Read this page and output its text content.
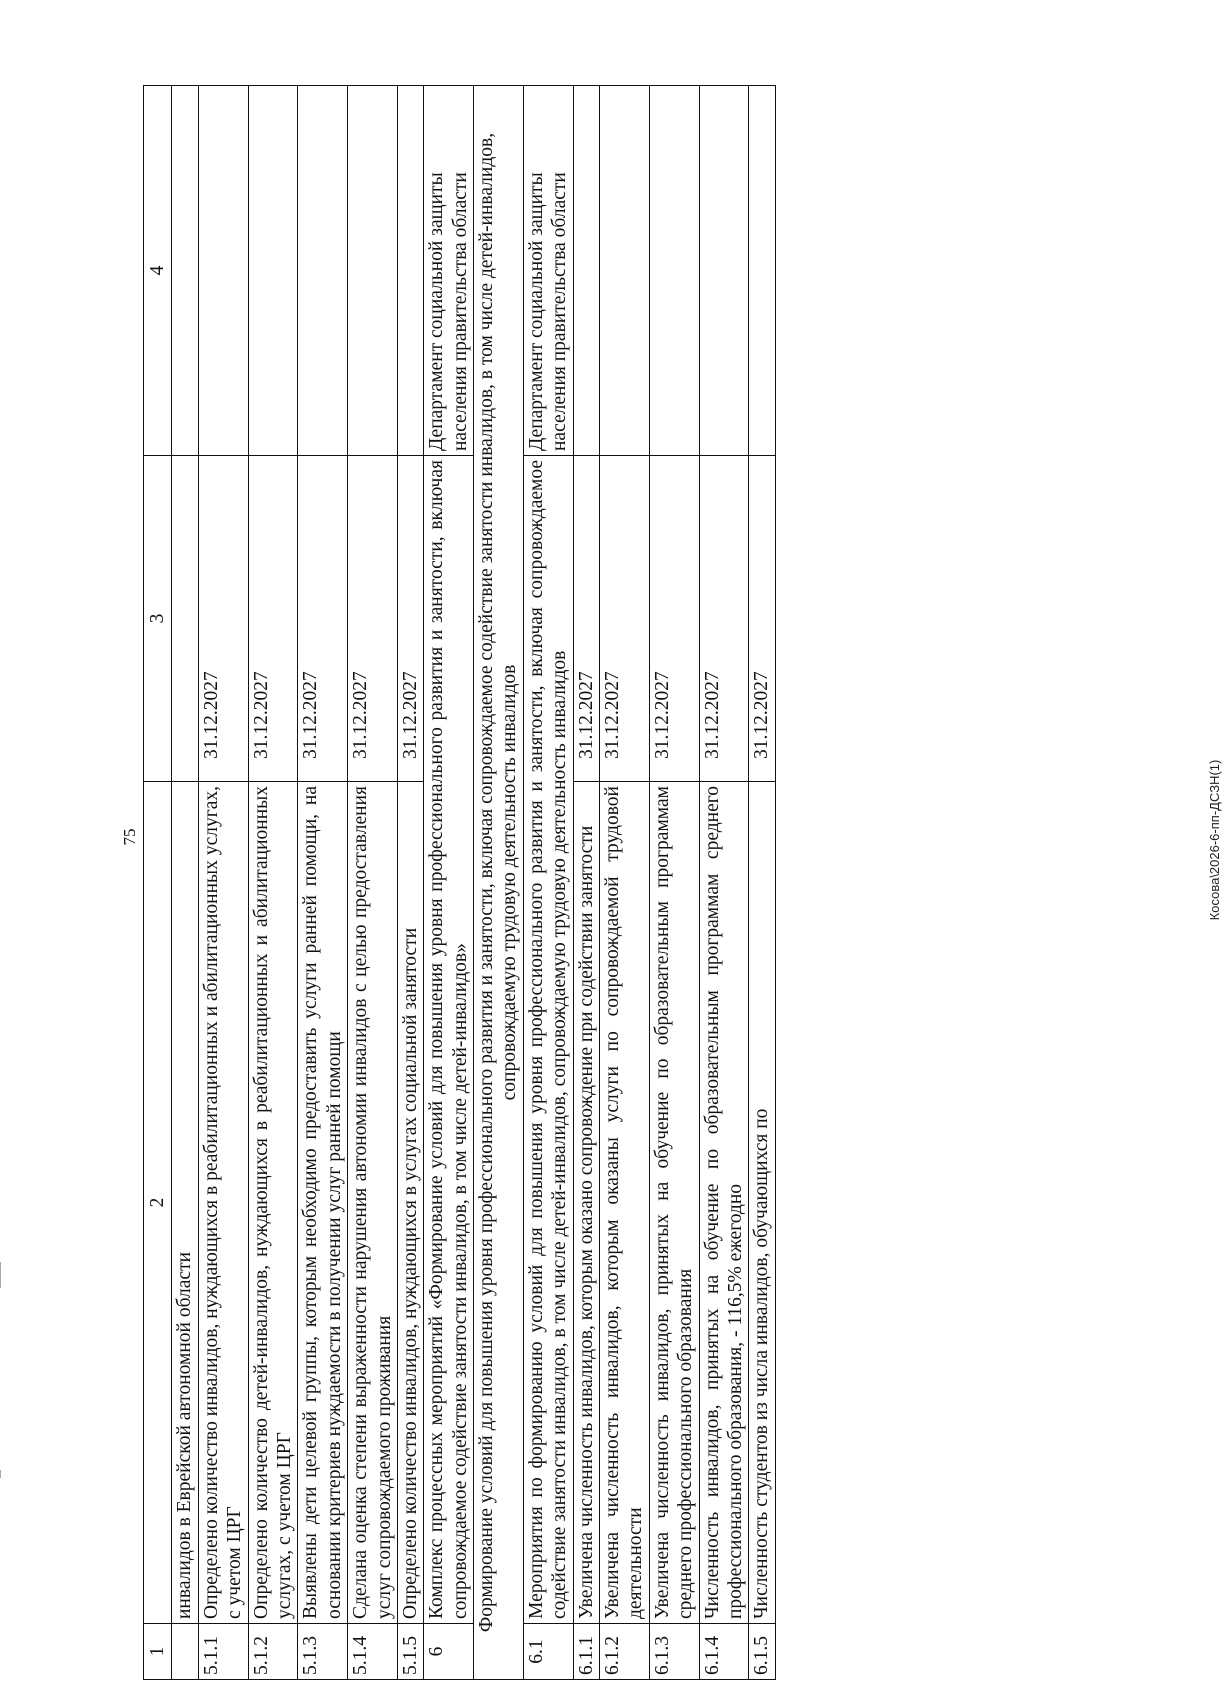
75	Косова\2026-6-пп-ДСЗН(1)
1	2	3	4
	инвалидов в Еврейской автономной области		
5.1.1	Определено количество инвалидов, нуждающихся в реабилитационных и абилитационных услугах, с учетом ЦРГ	31.12.2027	
5.1.2	Определено количество детей-инвалидов, нуждающихся в реабилитационных и абилитационных услугах, с учетом ЦРГ	31.12.2027	
5.1.3	Выявлены дети целевой группы, которым необходимо предоставить услуги ранней помощи, на основании критериев нуждаемости в получении услуг ранней помощи	31.12.2027	
5.1.4	Сделана оценка степени выраженности нарушения автономии инвалидов с целью предоставления услуг сопровождаемого проживания	31.12.2027	
5.1.5	Определено количество инвалидов, нуждающихся в услугах социальной занятости	31.12.2027	
6	Комплекс процессных мероприятий «Формирование условий для повышения уровня профессионального развития и занятости, включая сопровождаемое содействие занятости инвалидов, в том числе детей-инвалидов»		Департамент социальной защиты населения правительства области
Формирование условий для повышения уровня профессионального развития и занятости, включая сопровождаемое содействие занятости инвалидов, в том числе детей-инвалидов, сопровождаемую трудовую деятельность инвалидов			
6.1	Мероприятия по формированию условий для повышения уровня профессионального развития и занятости, включая сопровождаемое содействие занятости инвалидов, в том числе детей-инвалидов, сопровождаемую трудовую деятельность инвалидов		Департамент социальной защиты населения правительства области
6.1.1	Увеличена численность инвалидов, которым оказано сопровождение при содействии занятости	31.12.2027	
6.1.2	Увеличена численность инвалидов, которым оказаны услуги по сопровождаемой трудовой деятельности	31.12.2027	
6.1.3	Увеличена численность инвалидов, принятых на обучение по образовательным программам среднего профессионального образования	31.12.2027	
6.1.4	Численность инвалидов, принятых на обучение по образовательным программам среднего профессионального образования, - 116,5% ежегодно	31.12.2027	
6.1.5	Численность студентов из числа инвалидов, обучающихся по	31.12.2027	
